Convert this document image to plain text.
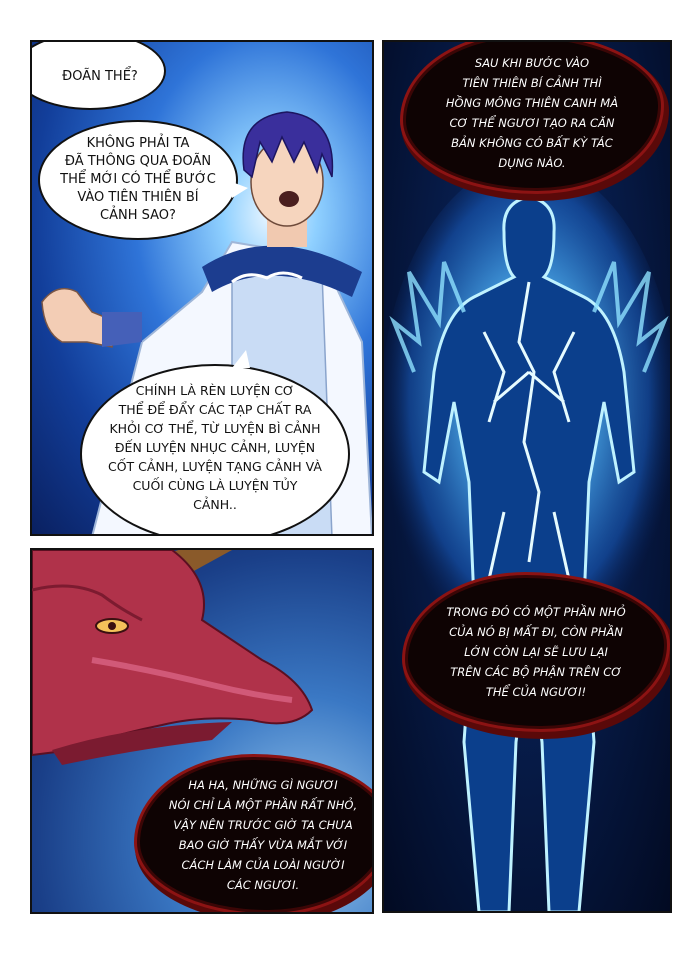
ĐOÃN THỂ?
KHÔNG PHẢI TA
ĐÃ THÔNG QUA ĐOÃN
THỂ MỚI CÓ THỂ BƯỚC
VÀO TIÊN THIÊN BÍ
CẢNH SAO?
CHÍNH LÀ RÈN LUYỆN CƠ
THỂ ĐỂ ĐẨY CÁC TẠP CHẤT RA
KHỎI CƠ THỂ, TỪ LUYỆN BÌ CẢNH
ĐẾN LUYỆN NHỤC CẢNH, LUYỆN
CỐT CẢNH, LUYỆN TẠNG CẢNH VÀ
CUỐI CÙNG LÀ LUYỆN TỦY
CẢNH..
SAU KHI BƯỚC VÀO
TIÊN THIÊN BÍ CẢNH THÌ
HỒNG MÔNG THIÊN CANH MÀ
CƠ THỂ NGƯƠI TẠO RA CĂN
BẢN KHÔNG CÓ BẤT KỲ TÁC
DỤNG NÀO.
TRONG ĐÓ CÓ MỘT PHẦN NHỎ
CỦA NÓ BỊ MẤT ĐI, CÒN PHẦN
LỚN CÒN LẠI SẼ LƯU LẠI
TRÊN CÁC BỘ PHẬN TRÊN CƠ
THỂ CỦA NGƯƠI!
HA HA, NHỮNG GÌ NGƯƠI
NÓI CHỈ LÀ MỘT PHẦN RẤT NHỎ,
VẬY NÊN TRƯỚC GIỜ TA CHƯA
BAO GIỜ THẤY VỪA MẮT VỚI
CÁCH LÀM CỦA LOÀI NGƯỜI
CÁC NGƯƠI.
